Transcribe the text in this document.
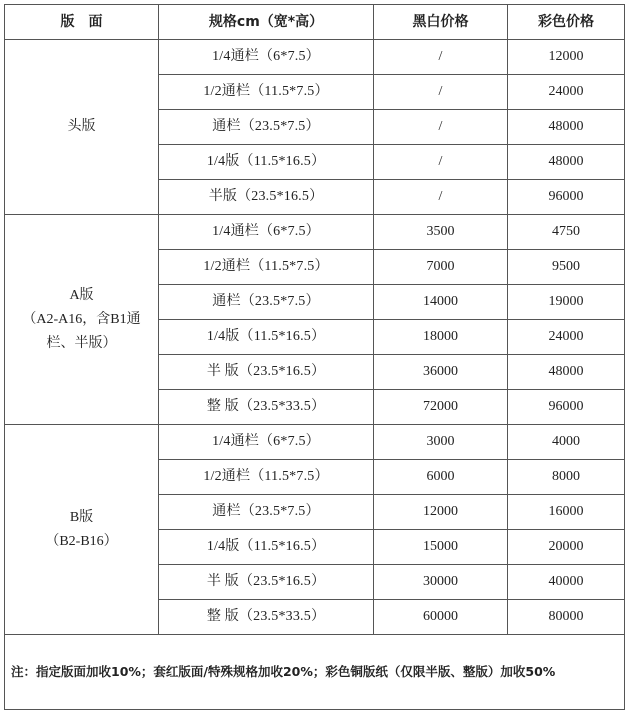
版　面	规格cm（宽*高）	黑白价格	彩色价格
头版	1/4通栏（6*7.5）	/	12000
	1/2通栏（11.5*7.5）	/	24000
	通栏（23.5*7.5）	/	48000
	1/4版（11.5*16.5）	/	48000
	半版（23.5*16.5）	/	96000

A版
（A2-A16，含B1通
栏、半版）	1/4通栏（6*7.5）	3500	4750
	1/2通栏（11.5*7.5）	7000	9500
	通栏（23.5*7.5）	14000	19000
	1/4版（11.5*16.5）	18000	24000
	半 版（23.5*16.5）	36000	48000
	整 版（23.5*33.5）	72000	96000

B版
（B2-B16）	1/4通栏（6*7.5）	3000	4000
	1/2通栏（11.5*7.5）	6000	8000
	通栏（23.5*7.5）	12000	16000
	1/4版（11.5*16.5）	15000	20000
	半 版（23.5*16.5）	30000	40000
	整 版（23.5*33.5）	60000	80000
注：指定版面加收10%；套红版面/特殊规格加收20%；彩色铜版纸（仅限半版、整版）加收50%			
